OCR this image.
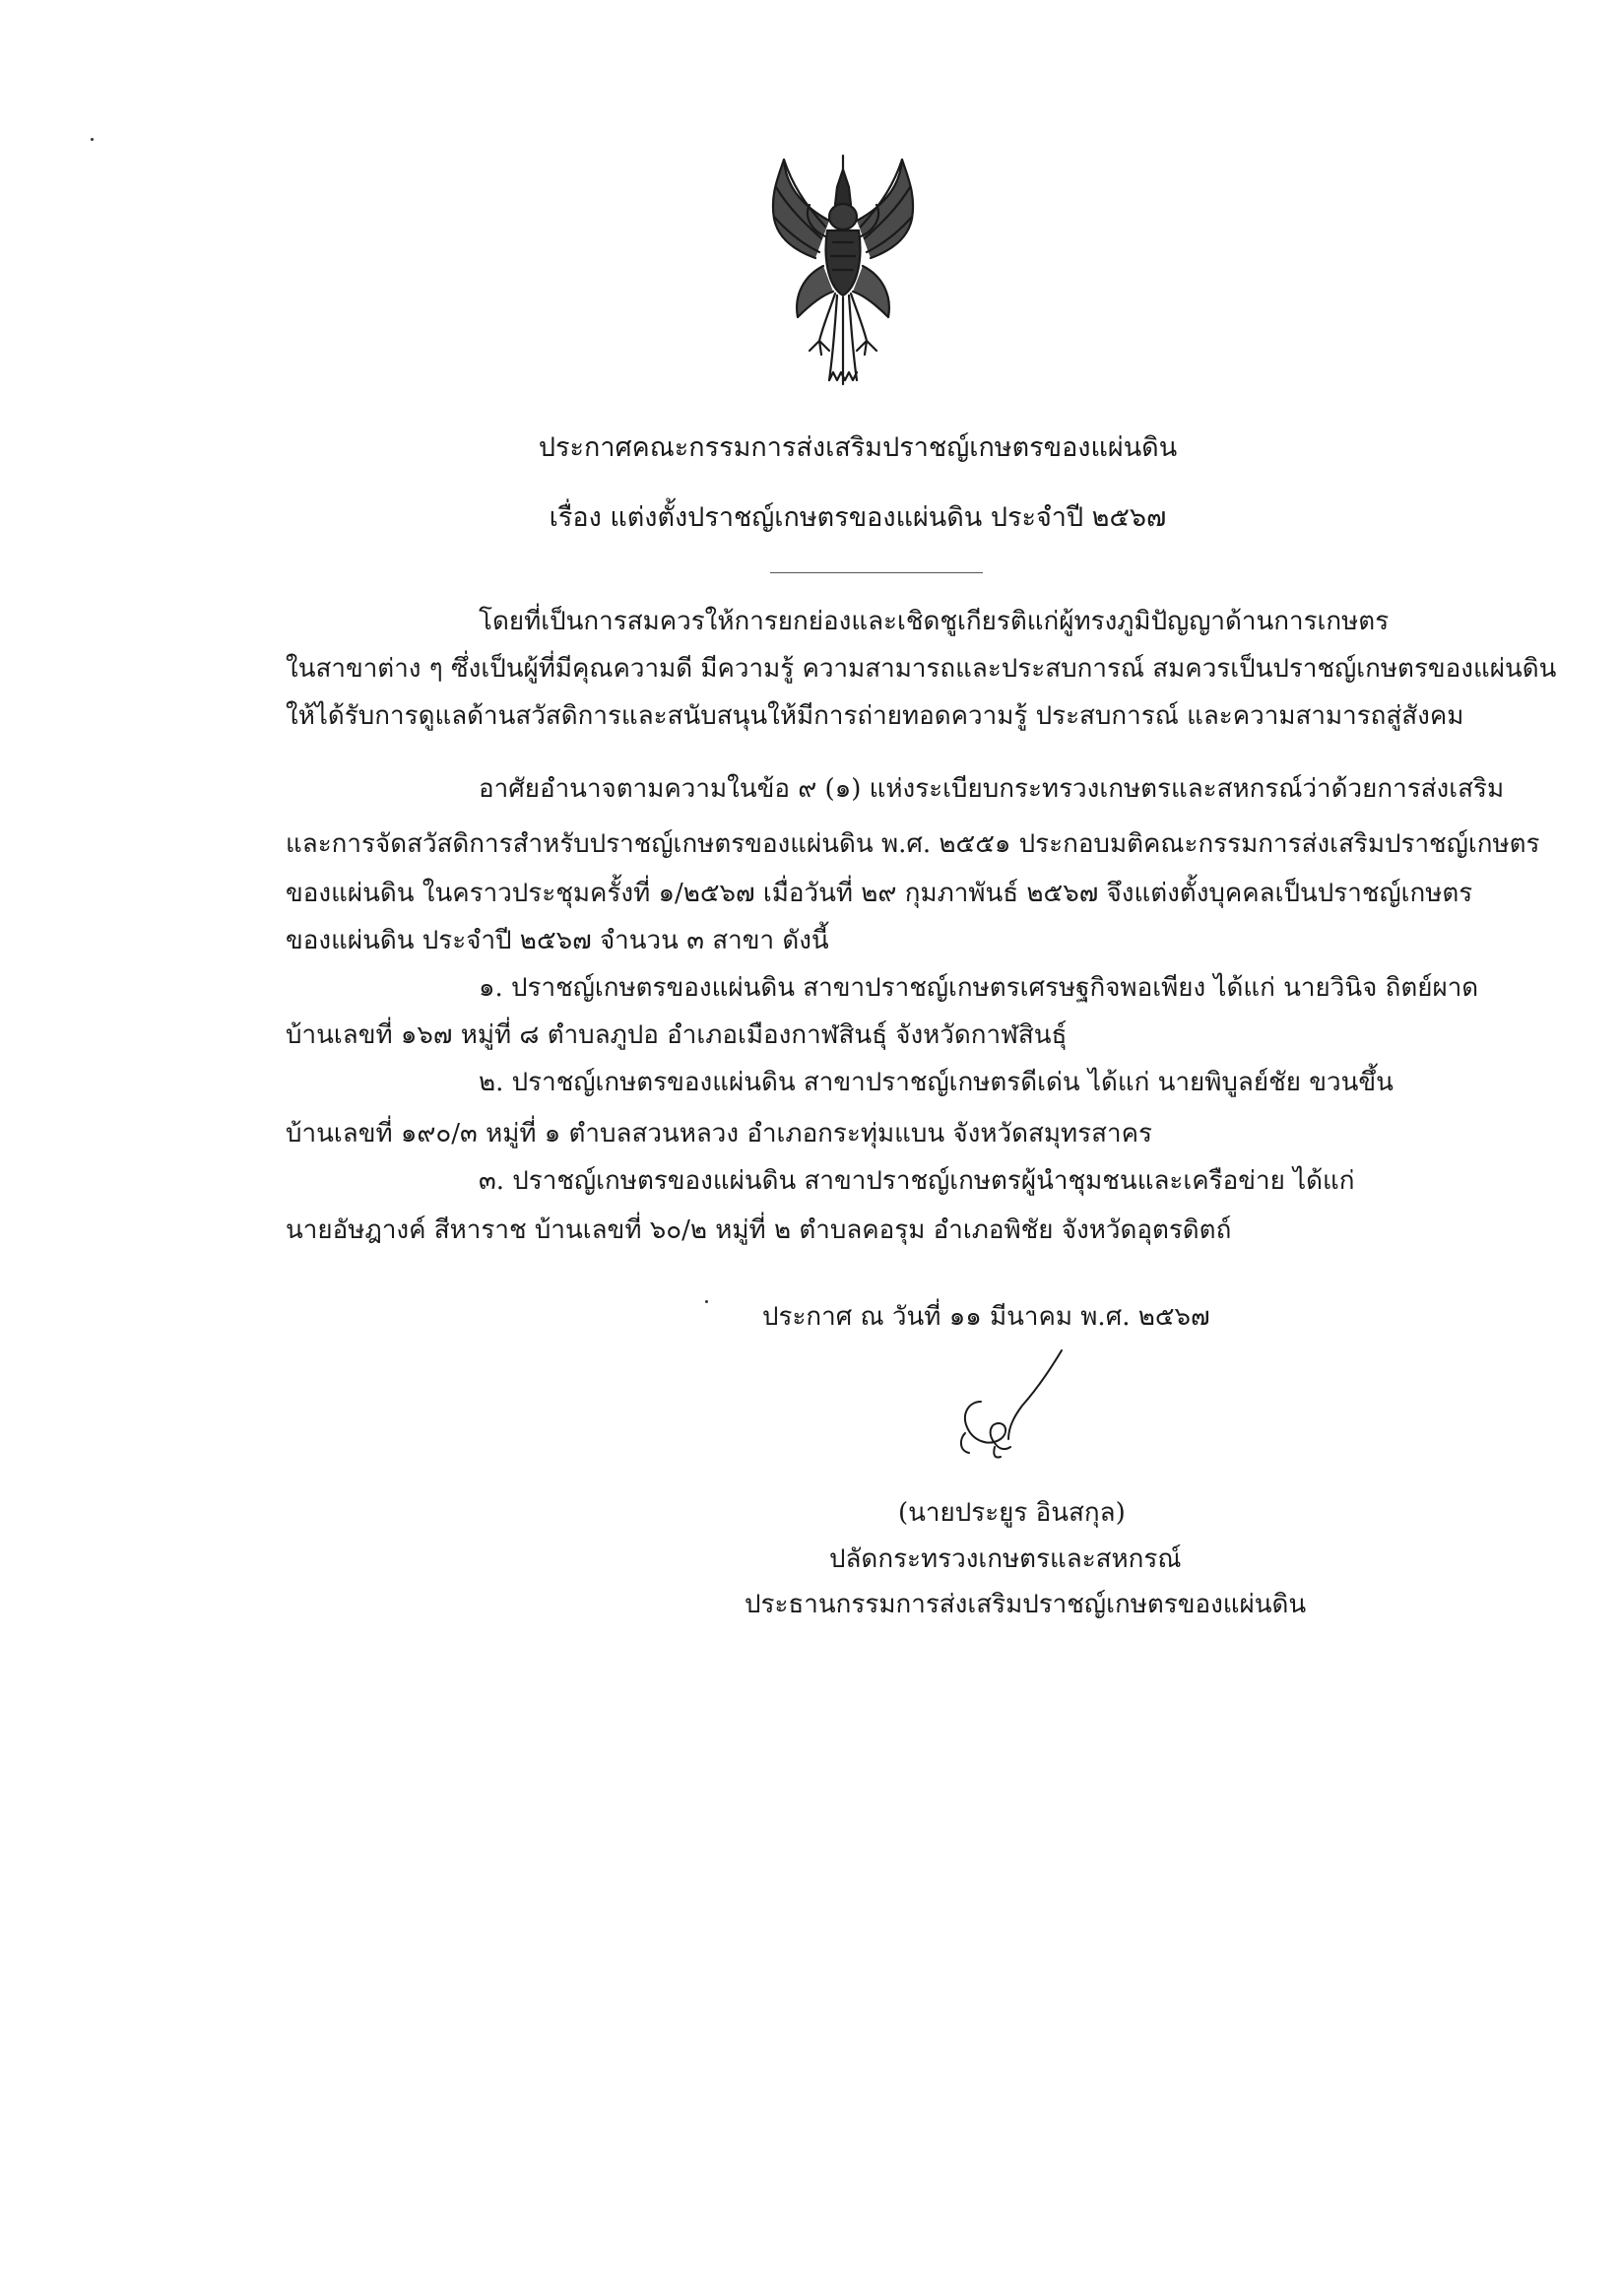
ประกาศคณะกรรมการส่งเสริมปราชญ์เกษตรของแผ่นดิน
เรื่อง แต่งตั้งปราชญ์เกษตรของแผ่นดิน ประจำปี ๒๕๖๗
โดยที่เป็นการสมควรให้การยกย่องและเชิดชูเกียรติแก่ผู้ทรงภูมิปัญญาด้านการเกษตร
ในสาขาต่าง ๆ ซึ่งเป็นผู้ที่มีคุณความดี มีความรู้ ความสามารถและประสบการณ์ สมควรเป็นปราชญ์เกษตรของแผ่นดิน
ให้ได้รับการดูแลด้านสวัสดิการและสนับสนุนให้มีการถ่ายทอดความรู้ ประสบการณ์ และความสามารถสู่สังคม
อาศัยอำนาจตามความในข้อ ๙ (๑) แห่งระเบียบกระทรวงเกษตรและสหกรณ์ว่าด้วยการส่งเสริม
และการจัดสวัสดิการสำหรับปราชญ์เกษตรของแผ่นดิน พ.ศ. ๒๕๕๑ ประกอบมติคณะกรรมการส่งเสริมปราชญ์เกษตร
ของแผ่นดิน ในคราวประชุมครั้งที่ ๑/๒๕๖๗ เมื่อวันที่ ๒๙ กุมภาพันธ์ ๒๕๖๗ จึงแต่งตั้งบุคคลเป็นปราชญ์เกษตร
ของแผ่นดิน ประจำปี ๒๕๖๗ จำนวน ๓ สาขา ดังนี้
๑. ปราชญ์เกษตรของแผ่นดิน สาขาปราชญ์เกษตรเศรษฐกิจพอเพียง ได้แก่ นายวินิจ ถิตย์ผาด
บ้านเลขที่ ๑๖๗ หมู่ที่ ๘ ตำบลภูปอ อำเภอเมืองกาฬสินธุ์ จังหวัดกาฬสินธุ์
๒. ปราชญ์เกษตรของแผ่นดิน สาขาปราชญ์เกษตรดีเด่น ได้แก่ นายพิบูลย์ชัย ขวนขึ้น
บ้านเลขที่ ๑๙๐/๓ หมู่ที่ ๑ ตำบลสวนหลวง อำเภอกระทุ่มแบน จังหวัดสมุทรสาคร
๓. ปราชญ์เกษตรของแผ่นดิน สาขาปราชญ์เกษตรผู้นำชุมชนและเครือข่าย ได้แก่
นายอัษฎางค์ สีหาราช บ้านเลขที่ ๖๐/๒ หมู่ที่ ๒ ตำบลคอรุม อำเภอพิชัย จังหวัดอุตรดิตถ์
ประกาศ ณ วันที่ ๑๑ มีนาคม พ.ศ. ๒๕๖๗
(นายประยูร อินสกุล)
ปลัดกระทรวงเกษตรและสหกรณ์
ประธานกรรมการส่งเสริมปราชญ์เกษตรของแผ่นดิน
